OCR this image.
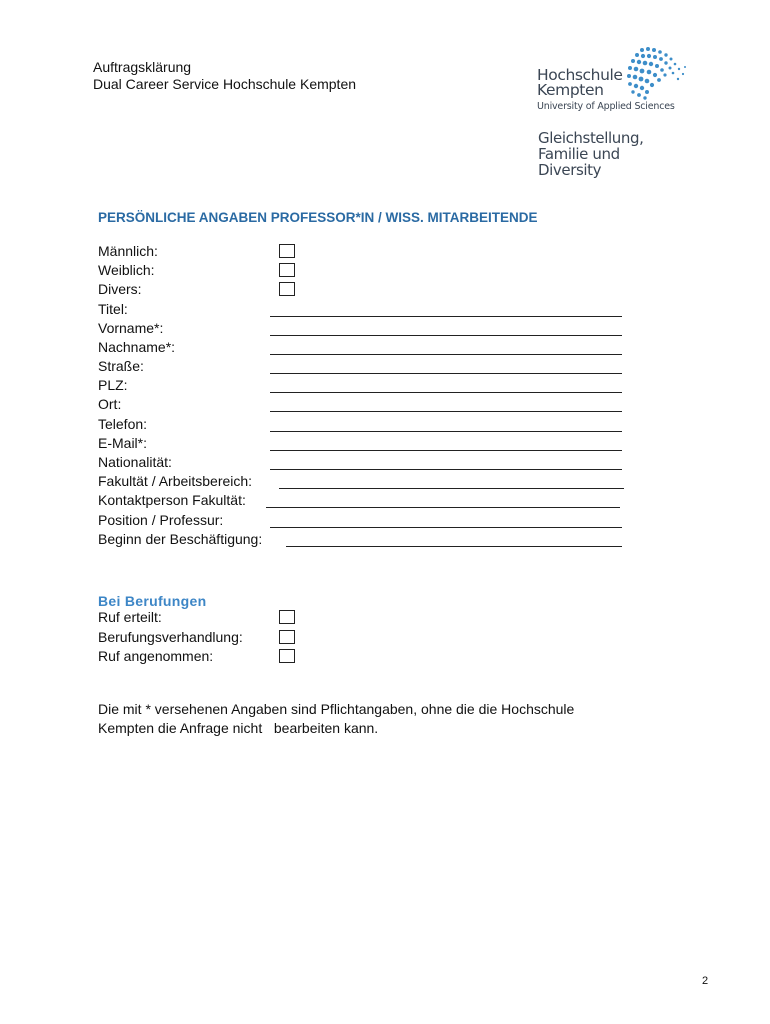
Auftragsklärung
Dual Career Service Hochschule Kempten	Hochschule
Kempten
University of Applied Sciences
Gleichstellung,
Familie und
Diversity
PERSÖNLICHE ANGABEN PROFESSOR*IN / WISS. MITARBEITENDE
Männlich:
Weiblich:
Divers:
Titel:
Vorname*:
Nachname*:
Straße:
PLZ:
Ort:
Telefon:
E-Mail*:
Nationalität:
Fakultät / Arbeitsbereich:
Kontaktperson Fakultät:
Position / Professur:
Beginn der Beschäftigung:
Bei Berufungen
Ruf erteilt:
Berufungsverhandlung:
Ruf angenommen:
Die mit * versehenen Angaben sind Pflichtangaben, ohne die die Hochschule
Kempten die Anfrage nicht   bearbeiten kann.
2
